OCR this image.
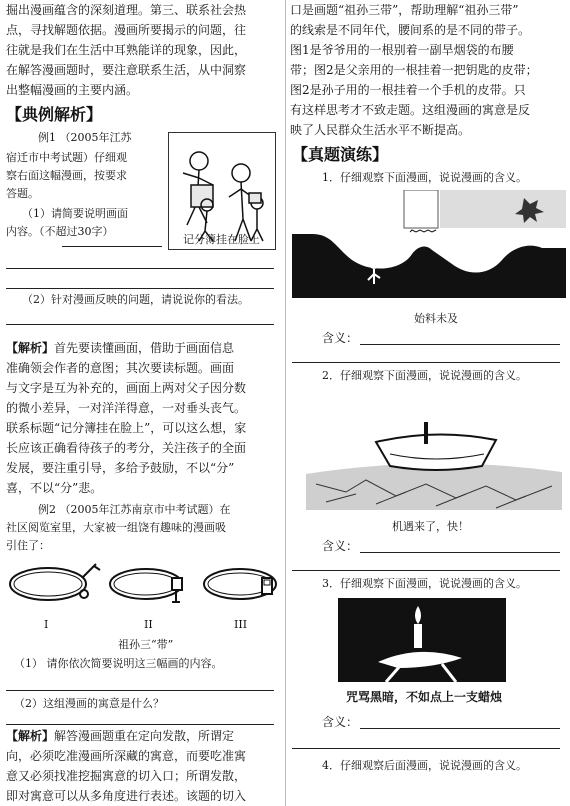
掘出漫画蕴含的深刻道理。第三、联系社会热
点，寻找解题依据。漫画所要揭示的问题，往
往就是我们在生活中耳熟能详的现象，因此，
在解答漫画题时，要注意联系生活，从中洞察
出整幅漫画的主要内涵。
【典例解析】
例1 （2005年江苏
宿迁市中考试题）仔细观
察右面这幅漫画，按要求
答题。
（1）请简要说明画面
内容。（不超过30字）
记分簿挂在脸上
（2）针对漫画反映的问题，请说说你的看法。
【解析】首先要读懂画面，借助于画面信息
准确领会作者的意图；其次要读标题。画面
与文字是互为补充的，画面上两对父子因分数
的微小差异，一对洋洋得意，一对垂头丧气。
联系标题“记分簿挂在脸上”，可以这么想，家
长应该正确看待孩子的考分，关注孩子的全面
发展，要注重引导，多给予鼓励，不以“分”
喜，不以“分”悲。
例2 （2005年江苏南京市中考试题）在
社区阅览室里，大家被一组饶有趣味的漫画吸
引住了：
I	II	III
祖孙三“带”
（1） 请你依次简要说明这三幅画的内容。
（2）这组漫画的寓意是什么？
【解析】解答漫画题重在定向发散，所谓定
向，必须吃准漫画所深藏的寓意，而要吃准寓
意又必须找准挖掘寓意的切入口；所谓发散，
即对寓意可以从多角度进行表述。该题的切入
口是画题“祖孙三带”，帮助理解“祖孙三带”
的线索是不同年代，腰间系的是不同的带子。
图1是爷爷用的一根别着一副旱烟袋的布腰
带；图2是父亲用的一根挂着一把钥匙的皮带；
图2是孙子用的一根挂着一个手机的皮带。只
有这样思考才不致走题。这组漫画的寓意是反
映了人民群众生活水平不断提高。
【真题演练】
1．仔细观察下面漫画，说说漫画的含义。
始料未及
含义：
2．仔细观察下面漫画，说说漫画的含义。
机遇来了，快！
含义：
3．仔细观察下面漫画，说说漫画的含义。
咒骂黑暗，不如点上一支蜡烛
含义：
4．仔细观察后面漫画，说说漫画的含义。
